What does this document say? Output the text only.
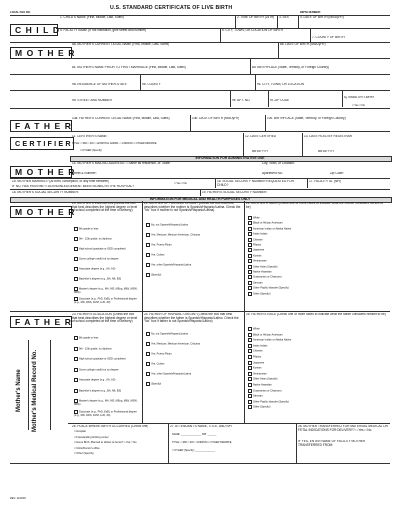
LOCAL FILE NO.
U.S. STANDARD CERTIFICATE OF LIVE BIRTH
BIRTH NUMBER:
CHILD
1. CHILD'S NAME (First, Middle, Last, Suffix)	2. TIME OF BIRTH (24 hr) 3. SEX	4. DATE OF BIRTH (Mo/Dy/Yr)
5. FACILITY NAME (If not institution, give street and number)	6. CITY, TOWN, OR LOCATION OF BIRTH
7. COUNTY OF BIRTH
MOTHER
8a. MOTHER'S CURRENT LEGAL NAME (First, Middle, Last, Suffix)	8b. DATE OF BIRTH (Mo/Dy/Yr)
8c. MOTHER'S NAME PRIOR TO FIRST MARRIAGE (First, Middle, Last, Suffix)	8d. BIRTHPLACE (State, Territory, or Foreign Country)
9a. RESIDENCE OF MOTHER-STATE	9b. COUNTY	9c. CITY, TOWN, OR LOCATION
9d. STREET AND NUMBER	9e. APT. NO.	9f. ZIP CODE
9g. INSIDE CITY LIMITS?
□ Yes □ No
FATHER
10a. FATHER'S CURRENT LEGAL NAME (First, Middle, Last, Suffix)	10b. DATE OF BIRTH (Mo/Dy/Yr)	10c. BIRTHPLACE (State, Territory, or Foreign Country)
CERTIFIER
11. CERTIFIER'S NAME:
TITLE: □ MD □ DO □ HOSPITAL ADMIN. □ CNM/CM □ OTHER MIDWIFE
□ OTHER (Specify)
12. DATE CERTIFIED
MM DD YYYY
13. DATE FILED BY REGISTRAR
MM DD YYYY
INFORMATION FOR ADMINISTRATIVE USE
MOTHER
14. MOTHER'S MAILING ADDRESS: □ Same as residence, or: State:	City, Town, or Location:
Street & Number:	Apartment No.:	Zip Code:
15. MOTHER MARRIED? (At birth, conception, or any time between)
IF NO, HAS PATERNITY ACKNOWLEDGEMENT BEEN SIGNED IN THE HOSPITAL?
□ Yes □ No
16. SOCIAL SECURITY NUMBER REQUESTED FOR CHILD?
17. FACILITY ID. (NPI)
18. MOTHER'S SOCIAL SECURITY NUMBER:	19. FATHER'S SOCIAL SECURITY NUMBER:
INFORMATION FOR MEDICAL AND HEALTH PURPOSES ONLY
MOTHER
20. MOTHER'S EDUCATION (Check the box that best describes the highest degree or level of school completed at the time of delivery)
8th grade or less
9th - 12th grade, no diploma
High school graduate or GED completed
Some college credit but no degree
Associate degree (e.g., AA, AS)
Bachelor's degree (e.g., BA, AB, BS)
Master's degree (e.g., MA, MS, MEng, MEd, MSW, MBA)
Doctorate (e.g., PhD, EdD) or Professional degree (e.g., MD, DDS, DVM, LLB, JD)
21. MOTHER OF HISPANIC ORIGIN? (Check the box that best describes whether the mother is Spanish/Hispanic/Latina. Check the "No" box if mother is not Spanish/Hispanic/Latina)
No, not Spanish/Hispanic/Latina
Yes, Mexican, Mexican American, Chicana
Yes, Puerto Rican
Yes, Cuban
Yes, other Spanish/Hispanic/Latina
(Specify)
22. MOTHER'S RACE (Check one or more races to indicate what the mother considers herself to be)
White
Black or African American
American Indian or Alaska Native
Asian Indian
Chinese
Filipino
Japanese
Korean
Vietnamese
Other Asian (Specify)
Native Hawaiian
Guamanian or Chamorro
Samoan
Other Pacific Islander (Specify)
Other (Specify)
FATHER
23. FATHER'S EDUCATION (Check the box that best describes the highest degree or level of school completed at the time of delivery)
8th grade or less
9th - 12th grade, no diploma
High school graduate or GED completed
Some college credit but no degree
Associate degree (e.g., AA, AS)
Bachelor's degree (e.g., BA, AB, BS)
Master's degree (e.g., MA, MS, MEng, MEd, MSW, MBA)
Doctorate (e.g., PhD, EdD) or Professional degree (e.g., MD, DDS, DVM, LLB, JD)
24. FATHER OF HISPANIC ORIGIN? (Check the box that best describes whether the father is Spanish/Hispanic/Latino. Check the "No" box if father is not Spanish/Hispanic/Latino)
No, not Spanish/Hispanic/Latina
Yes, Mexican, Mexican American, Chicana
Yes, Puerto Rican
Yes, Cuban
Yes, other Spanish/Hispanic/Latina
(Specify)
25. FATHER'S RACE (Check one or more races to indicate what the father considers himself to be)
White
Black or African American
American Indian or Alaska Native
Asian Indian
Chinese
Filipino
Japanese
Korean
Vietnamese
Other Asian (Specify)
Native Hawaiian
Guamanian or Chamorro
Samoan
Other Pacific Islander (Specify)
Other (Specify)
Mother's Name Mother's Medical Record No.	26. PLACE WHERE BIRTH OCCURRED (Check one)
□ Hospital
□ Freestanding birthing center
□ Home Birth: Planned to deliver at home? □ Yes □ No
□ Clinic/Doctor's office
□ Other (Specify)
27. ATTENDANT'S NAME, TITLE, AND NPI
NAME: ______________ NPI: ______
TITLE: □ MD □ DO □ CNM/CM □ OTHER MIDWIFE
□ OTHER (Specify) ______________
28. MOTHER TRANSFERRED FOR MATERNAL MEDICAL OR FETAL INDICATIONS FOR DELIVERY? □ Yes □ No
IF YES, ENTER NAME OF FACILITY MOTHER TRANSFERRED FROM:
REV. 11/2003
